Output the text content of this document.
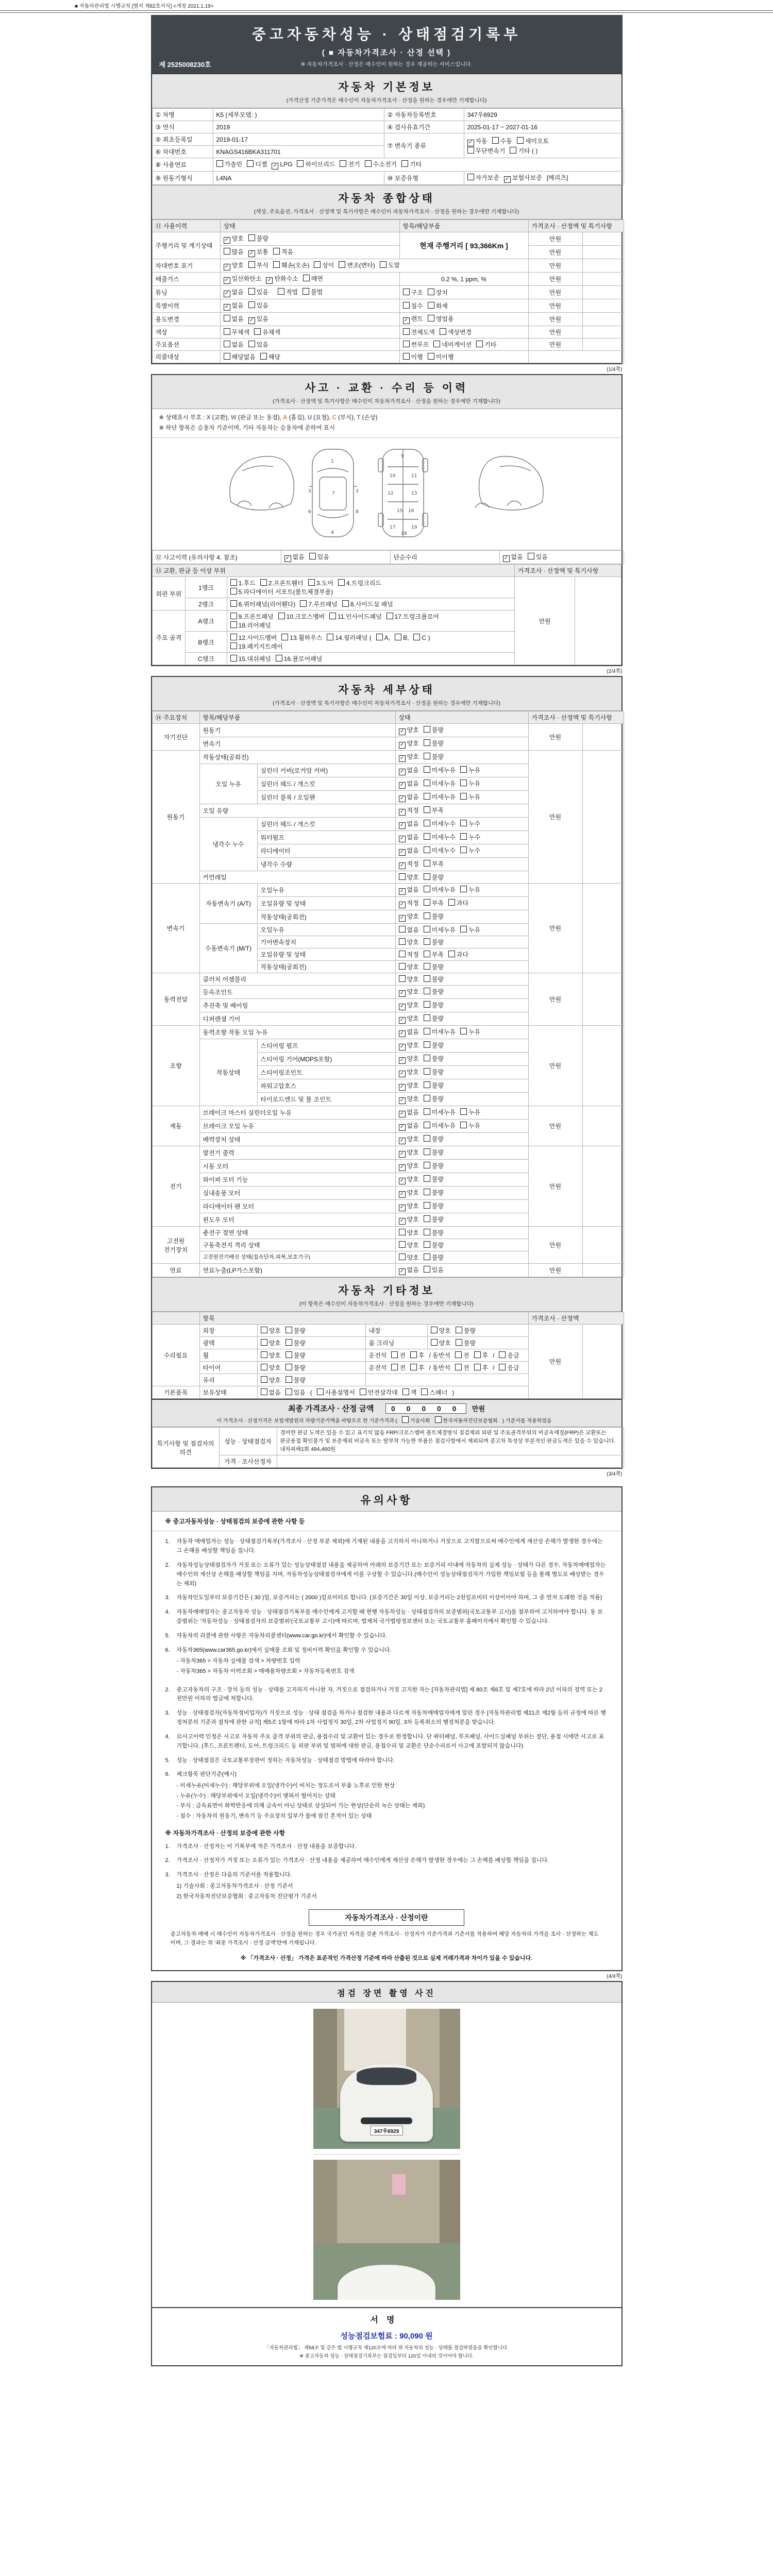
■ 자동차관리법 시행규칙 [별지 제82호서식] <개정 2021.1.19>
중고자동차성능 · 상태점검기록부
( ■ 자동차가격조사 · 산정 선택 )
※ 자동차가격조사 · 산정은 매수인이 원하는 경우 제공하는 서비스입니다.
제 2525008230호
자동차 기본정보
(가격산정 기준가격은 매수인이 자동차가격조사 · 산정을 원하는 경우에만 기재합니다)
① 차명	K5 (세부모델: )	② 자동차등록번호	347우6929
③ 연식	2019	④ 검사유효기간	2025-01-17 ~ 2027-01-16
⑤ 최초등록일	2019-01-17	⑦ 변속기 종류	✓ 자동 수동 세미오토
무단변속기 기타 ( )
⑥ 차대번호	KNAGS416BKA311701		
⑧ 사용연료	가솔린 디젤 ✓ LPG 하이브리드 전기 수소전기 기타		
⑨ 원동기형식	L4NA	⑩ 보증유형	자가보증 ✓ 보험사보증 [메리츠]
자동차 종합상태
(색상, 주요옵션, 가격조사 · 산정액 및 특기사항은 매수인이 자동차가격조사 · 산정을 원하는 경우에만 기재합니다)
⑪ 사용이력	상태	항목/해당부품	가격조사 · 산정액 및 특기사항	
주행거리 및 계기상태	✓ 양호 불량	현재 주행거리 [ 93,366Km ]	만원	
	많음 ✓ 보통 적음		만원	
차대번호 표기	✓ 양호 부식 훼손(오손) 상이 변조(변타) 도말		만원	
배출가스	✓ 일산화탄소 ✓ 탄화수소 매연	0.2 %, 1 ppm, %	만원	
튜닝	✓ 없음 있음 적법 불법	구조 장치	만원	
특별이력	✓ 없음 있음	침수 화재	만원	
용도변경	없음 ✓ 있음	✓ 렌트 영업용	만원	
색상	무채색 유채색	전체도색 색상변경	만원	
주요옵션	없음 있음	썬루프 네비게이션 기타	만원	
리콜대상	해당없음 해당	이행 미이행		
(1/4쪽)
사고 · 교환 · 수리 등 이력
(가격조사 · 산정액 및 특기사항은 매수인이 자동차가격조사 · 산정을 원하는 경우에만 기재합니다)
※ 상태표시 부호 : X (교환), W (판금 또는 용접), A (흠집), U (요철), C (부식), T (손상)
※ 하단 항목은 승용차 기준이며, 기타 자동차는 승용차에 준하여 표시
1
3	3
4
6
7
8
9
10	11
12	13
15 16
17
18
19
⑫ 사고이력 (유의사항 4. 참조)	✓ 없음 있음	단순수리	✓ 없음 있음
⑬ 교환, 판금 등 이상 부위			가격조사 · 산정액 및 특기사항	
외판 부위	1랭크	1.후드 2.프론트휀더 3.도어 4.트렁크리드
5.라디에이터 서포트(볼트체결부품)	만원	
	2랭크	6.쿼터패널(리어휀다) 7.루브패널 8.사이드실 패널		
주요 골격	A랭크	9.프론트패널 10.크로스멤버 11.인사이드패널 17.트렁크플로어
18.리어패널		
	B랭크	12.사이드멤버 13.휠하우스 14.필러패널 ( A, B, C )
19.패키지트레이		
	C랭크	15.대쉬패널 16.플로어패널		
(2/4쪽)
자동차 세부상태
(가격조사 · 산정액 및 특기사항은 매수인이 자동차가격조사 · 산정을 원하는 경우에만 기재합니다)
⑭ 주요장치	항목/해당부품		상태	가격조사 · 산정액 및 특기사항	
자기진단	원동기		✓ 양호 불량	만원	
	변속기		✓ 양호 불량		
원동기	작동상태(공회전)		✓ 양호 불량	만원	
	오일 누유	실린더 커버(로커암 커버)	✓ 없음 미세누유 누유		
		실린더 헤드 / 개스킷	✓ 없음 미세누유 누유		
		실린더 블록 / 오일팬	✓ 없음 미세누유 누유		
	오일 유량		✓ 적정 부족		
	냉각수 누수	실린더 헤드 / 개스킷	✓ 없음 미세누수 누수		
		워터펌프	✓ 없음 미세누수 누수		
		라디에이터	✓ 없음 미세누수 누수		
		냉각수 수량	✓ 적정 부족		
	커먼레일		양호 불량		
변속기	자동변속기 (A/T)	오일누유	✓ 없음 미세누유 누유	만원	
		오일유량 및 상태	✓ 적정 부족 과다		
		작동상태(공회전)	✓ 양호 불량		
	수동변속기 (M/T)	오일누유	없음 미세누유 누유		
		기어변속장치	양호 불량		
		오일유량 및 상태	적정 부족 과다		
		작동상태(공회전)	양호 불량		
동력전달	클러치 어셈블리		양호 불량	만원	
	등속조인트		✓ 양호 불량		
	추진축 및 베어링		✓ 양호 불량		
	디퍼렌셜 기어		✓ 양호 불량		
조향	동력조향 작동 오일 누유		✓ 없음 미세누유 누유	만원	
	작동상태	스티어링 펌프	✓ 양호 불량		
		스티어링 기어(MDPS포함)	✓ 양호 불량		
		스티어링조인트	✓ 양호 불량		
		파워고압호스	✓ 양호 불량		
		타이로드엔드 및 볼 조인트	✓ 양호 불량		
제동	브레이크 마스터 실린더오일 누유		✓ 없음 미세누유 누유	만원	
	브레이크 오일 누유		✓ 없음 미세누유 누유		
	배력장치 상태		✓ 양호 불량		
전기	발전기 출력		✓ 양호 불량	만원	
	시동 모터		✓ 양호 불량		
	와이퍼 모터 기능		✓ 양호 불량		
	실내송풍 모터		✓ 양호 불량		
	라디에이터 팬 모터		✓ 양호 불량		
	윈도우 모터		✓ 양호 불량		
고전원 전기장치	충전구 절연 상태		양호 불량	만원	
	구동축전지 격리 상태		양호 불량		
	고전원전기배선 상태(접속단자,피복,보호기구)		양호 불량		
연료	연료누출(LP가스포함)		✓ 없음 있음	만원	
자동차 기타정보
(이 항목은 매수인이 자동차가격조사 · 산정을 원하는 경우에만 기재합니다)
	항목				가격조사 · 산정액	
수리필요	외장	양호 불량	내장	양호 불량	만원	
	광택	양호 불량	룸 크리닝	양호 불량		
	휠	양호 불량	운전석 전 후 / 동반석 전 후 / 응급			
	타이어	양호 불량	운전석 전 후 / 동반석 전 후 / 응급			
	유리	양호 불량				
기본품목	보유상태	없음 있음 ( 사용설명서 안전삼각대 잭 스패너 )				
최종 가격조사 · 산정 금액 0 0 0 0 0 만원
이 가격조사 · 산정가격은 보험개발원의 차량기준가액을 바탕으로 한 기준가격과 (	기술사회	한국자동차진단보증협회) 기준서를 적용하였음
특기사항 및 점검자의 의견	성능 · 상태점검자	경미한 판금 도색은 있을 수 있고 표기치 않음 FRP/크로스멤버 볼트체결방식 점검제외 외판 및 주요골격부위의 비금속재질(FRP)은 교환또는 판금용접 확인불가 및 보증제외 비금속 또는 탈부착 가능한 부품은 점검사항에서 제외되며 중고차 특성상 부분적인 판금도색은 있을 수 있습니다. 내차피해1회 494,460원
	가격 · 조사산정자	
(3/4쪽)
유의사항
※ 중고자동차성능 · 상태점검의 보증에 관한 사항 등
1.	자동차 매매업자는 성능 · 상태점검기록부(가격조사 · 산정 부분 제외)에 기재된 내용을 고지하지 아니하거나 거짓으로 고지함으로써 매수인에게 재산상 손해가 발생한 경우에는 그 손해를 배상할 책임을 집니다.
2.	자동차성능상태점검자가 거짓 또는 오류가 있는 성능상태점검 내용을 제공하여 아래의 보증기간 또는 보증거리 이내에 자동차의 실제 성능 · 상태가 다른 경우, 자동차매매업자는 매수인의 재산상 손해를 배상할 책임을 지며, 자동차성능상태점검자에게 이를 구상할 수 있습니다.(매수인이 성능상태점검자가 가입한 책임보험 등을 통해 별도로 배상받는 경우는 제외)
3.	자동차인도일부터 보증기간은 ( 30 )일, 보증거리는 ( 2000 )킬로미터로 합니다. (보증기간은 30일 이상, 보증거리는 2천킬로미터 이상이어야 하며, 그 중 먼저 도래한 것을 적용)
4.	자동차매매업자는 중고자동차 성능 · 상태점검기록부를 매수인에게 고지할 때 현행 자동차성능 · 상태점검자의 보증범위(국토교통부 고시)를 첨부하여 고지하여야 합니다. 동 보증범위는 '자동차성능 · 상태점검자의 보증범위'(국토교통부 고시)에 따르며, 법제처 국가법령정보센터 또는 국토교통부 홈페이지에서 확인할 수 있습니다.
5.	자동차의 리콜에 관한 사항은 자동차리콜센터(www.car.go.kr)에서 확인할 수 있습니다.
6.	자동차365(www.car365.go.kr)에서 실매물 조회 및 정비이력 확인을 확인할 수 있습니다.
- 자동차365 > 자동차 실매물 검색 > 차량번호 입력
- 자동차365 > 자동차 이력조회 > 매매용차량조회 > 자동차등록번호 검색
2.	중고자동차의 구조 · 장치 등의 성능 · 상태를 고지하지 아니한 자, 거짓으로 점검하거나 거짓 고지한 자는 [자동차관리법] 제 80조 제6호 및 제7호에 따라 2년 이하의 징역 또는 2천만원 이하의 벌금에 처합니다.
3.	성능 · 상태점검자(자동차정비업자)가 거짓으로 성능 · 상태 점검을 하거나 점검한 내용과 다르게 자동차매매업자에게 알린 경우 [자동차관리법 제21조 제2항 등의 규정에 따른 행정처분의 기준과 절차에 관한 규칙] 제5조 1항에 따라 1차 사업정지 30일, 2차 사업정지 90일, 3차 등록취소의 행정처분을 받습니다.
4.	⑫사고이력 인정은 사고로 자동차 주요 골격 부위의 판금, 용접수리 및 교환이 있는 경우로 한정합니다. 단 쿼터패널, 루프패널, 사이드실패널 부위는 절단, 용접 시에만 사고로 표기합니다. (후드, 프론트펜더, 도어, 트렁크리드 등 외판 부위 및 범퍼에 대한 판금, 용접수리 및 교환은 단순수리로서 사고에 포함되지 않습니다)
5.	성능 · 상태점검은 국토교통부장관이 정하는 자동차성능 · 상태점검 방법에 따라야 합니다.
6.	체크항목 판단기준(예시)
- 미세누유(미세누수) : 해당부위에 오일(냉각수)이 비치는 정도로서 부품 노후로 인한 현상
- 누유(누수) : 해당부위에서 오일(냉각수)이 맺혀서 떨어지는 상태
- 부식 : 금속표면이 화학반응에 의해 금속이 아닌 상태로 상실되어 가는 현상(단순히 녹슨 상태는 제외)
- 침수 : 자동차의 원동기, 변속기 등 주요장치 일부가 물에 잠긴 흔적이 있는 상태
※ 자동차가격조사 · 산정의 보증에 관한 사항
1.	가격조사 · 산정자는 이 기록부에 적은 가격조사 · 산정 내용을 보증합니다.
2.	가격조사 · 산정자가 거짓 또는 오류가 있는 가격조사 · 산정 내용을 제공하여 매수인에게 재산상 손해가 발생한 경우에는 그 손해를 배상할 책임을 집니다.
3.	가격조사 · 산정은 다음의 기준서를 적용합니다.
1) 기술사회 : 중고자동차가격조사 · 산정 기준서
2) 한국자동차진단보증협회 : 중고자동차 진단평가 기준서
자동차가격조사 · 산정이란
중고자동차 매매 시 매수인이 자동차가격조사 · 산정을 원하는 경우 국가공인 자격을 갖춘 가격조사 · 산정자가 기준가격과 기준서를 적용하여 해당 자동차의 가격을 조사 · 산정하는 제도이며, 그 결과는 위 '최종 가격조사 · 산정 금액'란에 기재됩니다.
※ 「가격조사 · 산정」 가격은 표준적인 가격산정 기준에 따라 산출된 것으로 실제 거래가격과 차이가 있을 수 있습니다.
(4/4쪽)
점검 장면 촬영 사진
347우6929
서명
성능점검보험료 : 90,090 원
「자동차관리법」 제58조 및 같은 법 시행규칙 제120조에 따라 위 자동차의 성능 · 상태를 점검하였음을 확인합니다.
※ 중고자동차 성능 · 상태점검기록부는 점검일부터 120일 이내의 것이어야 합니다.
